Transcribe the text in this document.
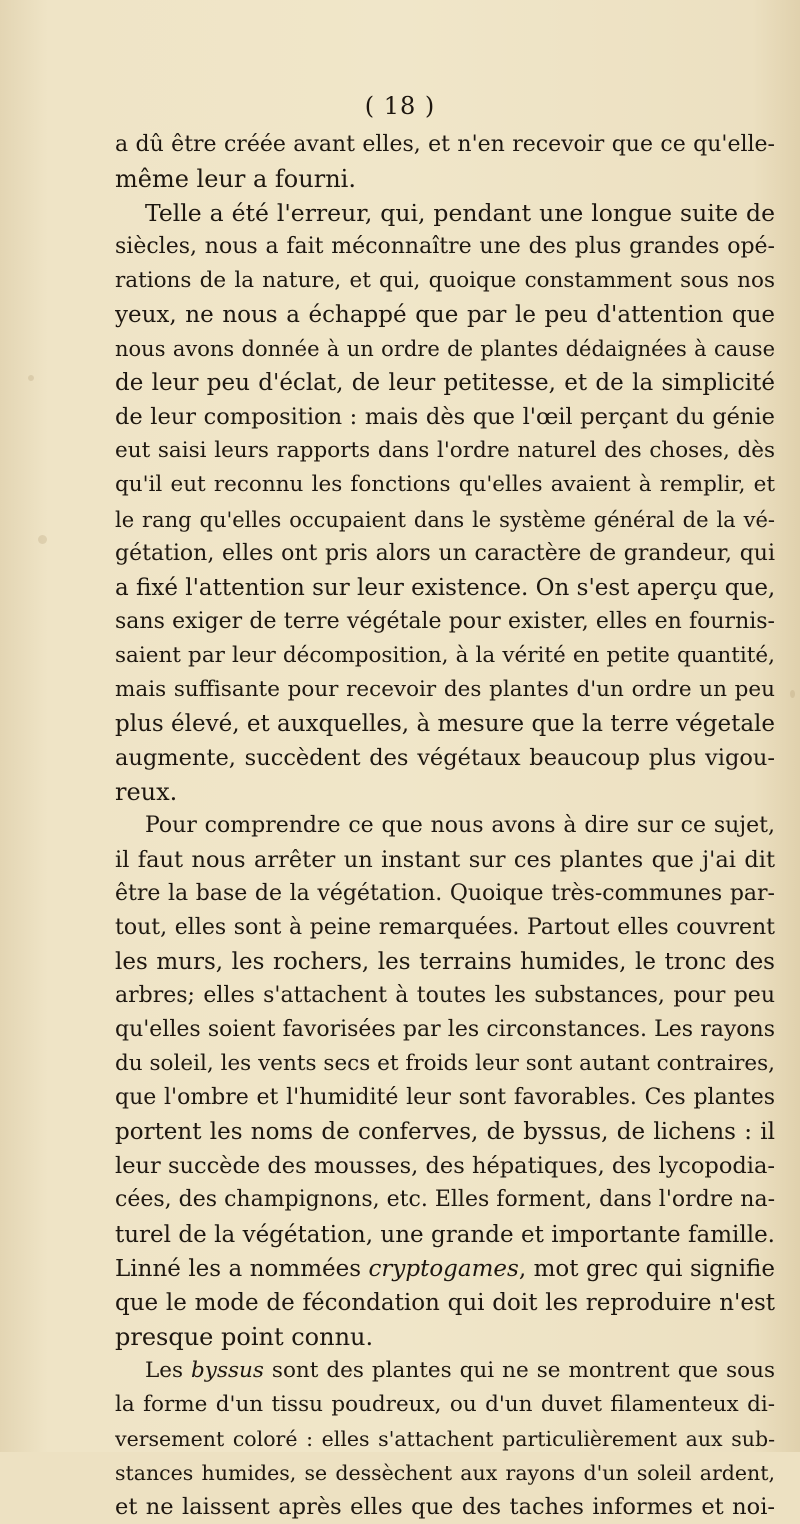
( 18 )
a dû être créée avant elles, et n'en recevoir que ce qu'elle-
même leur a fourni.
Telle a été l'erreur, qui, pendant une longue suite de
siècles, nous a fait méconnaître une des plus grandes opé-
rations de la nature, et qui, quoique constamment sous nos
yeux, ne nous a échappé que par le peu d'attention que
nous avons donnée à un ordre de plantes dédaignées à cause
de leur peu d'éclat, de leur petitesse, et de la simplicité
de leur composition : mais dès que l'œil perçant du génie
eut saisi leurs rapports dans l'ordre naturel des choses, dès
qu'il eut reconnu les fonctions qu'elles avaient à remplir, et
le rang qu'elles occupaient dans le système général de la vé-
gétation, elles ont pris alors un caractère de grandeur, qui
a fixé l'attention sur leur existence. On s'est aperçu que,
sans exiger de terre végétale pour exister, elles en fournis-
saient par leur décomposition, à la vérité en petite quantité,
mais suffisante pour recevoir des plantes d'un ordre un peu
plus élevé, et auxquelles, à mesure que la terre végetale
augmente, succèdent des végétaux beaucoup plus vigou-
reux.
Pour comprendre ce que nous avons à dire sur ce sujet,
il faut nous arrêter un instant sur ces plantes que j'ai dit
être la base de la végétation. Quoique très-communes par-
tout, elles sont à peine remarquées. Partout elles couvrent
les murs, les rochers, les terrains humides, le tronc des
arbres; elles s'attachent à toutes les substances, pour peu
qu'elles soient favorisées par les circonstances. Les rayons
du soleil, les vents secs et froids leur sont autant contraires,
que l'ombre et l'humidité leur sont favorables. Ces plantes
portent les noms de conferves, de byssus, de lichens : il
leur succède des mousses, des hépatiques, des lycopodia-
cées, des champignons, etc. Elles forment, dans l'ordre na-
turel de la végétation, une grande et importante famille.
Linné les a nommées cryptogames, mot grec qui signifie
que le mode de fécondation qui doit les reproduire n'est
presque point connu.
Les byssus sont des plantes qui ne se montrent que sous
la forme d'un tissu poudreux, ou d'un duvet filamenteux di-
versement coloré : elles s'attachent particulièrement aux sub-
stances humides, se dessèchent aux rayons d'un soleil ardent,
et ne laissent après elles que des taches informes et noi-
